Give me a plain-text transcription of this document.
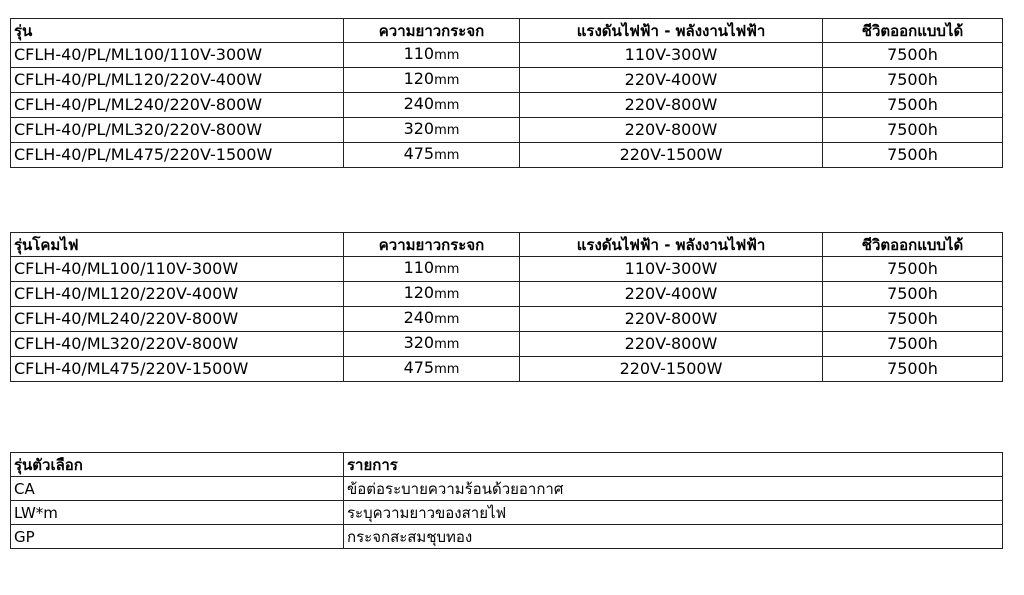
รุ่น	ความยาวกระจก	แรงดันไฟฟ้า - พลังงานไฟฟ้า	ชีวิตออกแบบได้
CFLH-40/PL/ML100/110V-300W	110mm	110V-300W	7500h
CFLH-40/PL/ML120/220V-400W	120mm	220V-400W	7500h
CFLH-40/PL/ML240/220V-800W	240mm	220V-800W	7500h
CFLH-40/PL/ML320/220V-800W	320mm	220V-800W	7500h
CFLH-40/PL/ML475/220V-1500W	475mm	220V-1500W	7500h
รุ่นโคมไฟ	ความยาวกระจก	แรงดันไฟฟ้า - พลังงานไฟฟ้า	ชีวิตออกแบบได้
CFLH-40/ML100/110V-300W	110mm	110V-300W	7500h
CFLH-40/ML120/220V-400W	120mm	220V-400W	7500h
CFLH-40/ML240/220V-800W	240mm	220V-800W	7500h
CFLH-40/ML320/220V-800W	320mm	220V-800W	7500h
CFLH-40/ML475/220V-1500W	475mm	220V-1500W	7500h
รุ่นตัวเลือก	รายการ
CA	ข้อต่อระบายความร้อนด้วยอากาศ
LW*m	ระบุความยาวของสายไฟ
GP	กระจกสะสมชุบทอง
